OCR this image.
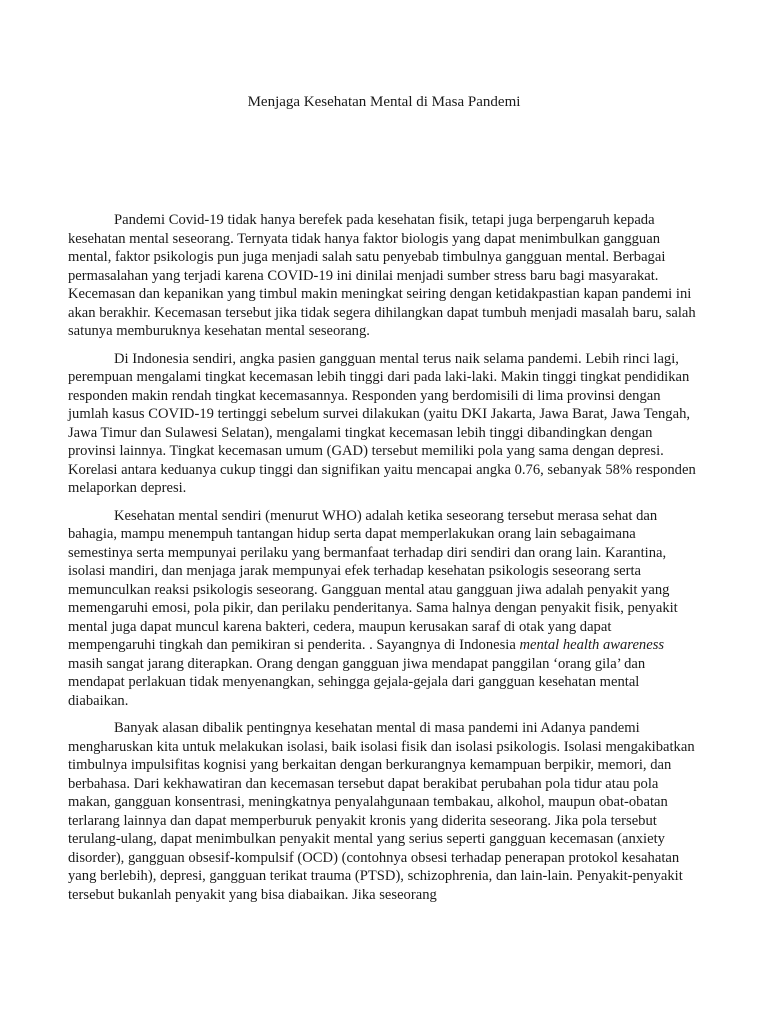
Menjaga Kesehatan Mental di Masa Pandemi

Pandemi Covid-19 tidak hanya berefek pada kesehatan fisik, tetapi juga berpengaruh kepada kesehatan mental seseorang. Ternyata tidak hanya faktor biologis yang dapat menimbulkan gangguan mental, faktor psikologis pun juga menjadi salah satu penyebab timbulnya gangguan mental. Berbagai permasalahan yang terjadi karena COVID-19 ini dinilai menjadi sumber stress baru bagi masyarakat. Kecemasan dan kepanikan yang timbul makin meningkat seiring dengan ketidakpastian kapan pandemi ini akan berakhir. Kecemasan tersebut jika tidak segera dihilangkan dapat tumbuh menjadi masalah baru, salah satunya memburuknya kesehatan mental seseorang.

Di Indonesia sendiri, angka pasien gangguan mental terus naik selama pandemi. Lebih rinci lagi, perempuan mengalami tingkat kecemasan lebih tinggi dari pada laki-laki. Makin tinggi tingkat pendidikan responden makin rendah tingkat kecemasannya. Responden yang berdomisili di lima provinsi dengan jumlah kasus COVID-19 tertinggi sebelum survei dilakukan (yaitu DKI Jakarta, Jawa Barat, Jawa Tengah, Jawa Timur dan Sulawesi Selatan), mengalami tingkat kecemasan lebih tinggi dibandingkan dengan provinsi lainnya. Tingkat kecemasan umum (GAD) tersebut memiliki pola yang sama dengan depresi. Korelasi antara keduanya cukup tinggi dan signifikan yaitu mencapai angka 0.76, sebanyak 58% responden melaporkan depresi.

Kesehatan mental sendiri (menurut WHO) adalah ketika seseorang tersebut merasa sehat dan bahagia, mampu menempuh tantangan hidup serta dapat memperlakukan orang lain sebagaimana semestinya serta mempunyai perilaku yang bermanfaat terhadap diri sendiri dan orang lain. Karantina, isolasi mandiri, dan menjaga jarak mempunyai efek terhadap kesehatan psikologis seseorang serta memunculkan reaksi psikologis seseorang. Gangguan mental atau gangguan jiwa adalah penyakit yang memengaruhi emosi, pola pikir, dan perilaku penderitanya. Sama halnya dengan penyakit fisik, penyakit mental juga dapat muncul karena bakteri, cedera, maupun kerusakan saraf di otak yang dapat mempengaruhi tingkah dan pemikiran si penderita. . Sayangnya di Indonesia mental health awareness masih sangat jarang diterapkan. Orang dengan gangguan jiwa mendapat panggilan ‘orang gila’ dan mendapat perlakuan tidak menyenangkan, sehingga gejala-gejala dari gangguan kesehatan mental diabaikan.

Banyak alasan dibalik pentingnya kesehatan mental di masa pandemi ini Adanya pandemi mengharuskan kita untuk melakukan isolasi, baik isolasi fisik dan isolasi psikologis. Isolasi mengakibatkan timbulnya impulsifitas kognisi yang berkaitan dengan berkurangnya kemampuan berpikir, memori, dan berbahasa. Dari kekhawatiran dan kecemasan tersebut dapat berakibat perubahan pola tidur atau pola makan, gangguan konsentrasi, meningkatnya penyalahgunaan tembakau, alkohol, maupun obat-obatan terlarang lainnya dan dapat memperburuk penyakit kronis yang diderita seseorang. Jika pola tersebut terulang-ulang, dapat menimbulkan penyakit mental yang serius seperti gangguan kecemasan (anxiety disorder), gangguan obsesif-kompulsif (OCD) (contohnya obsesi terhadap penerapan protokol kesahatan yang berlebih), depresi, gangguan terikat trauma (PTSD), schizophrenia, dan lain-lain. Penyakit-penyakit tersebut bukanlah penyakit yang bisa diabaikan. Jika seseorang
